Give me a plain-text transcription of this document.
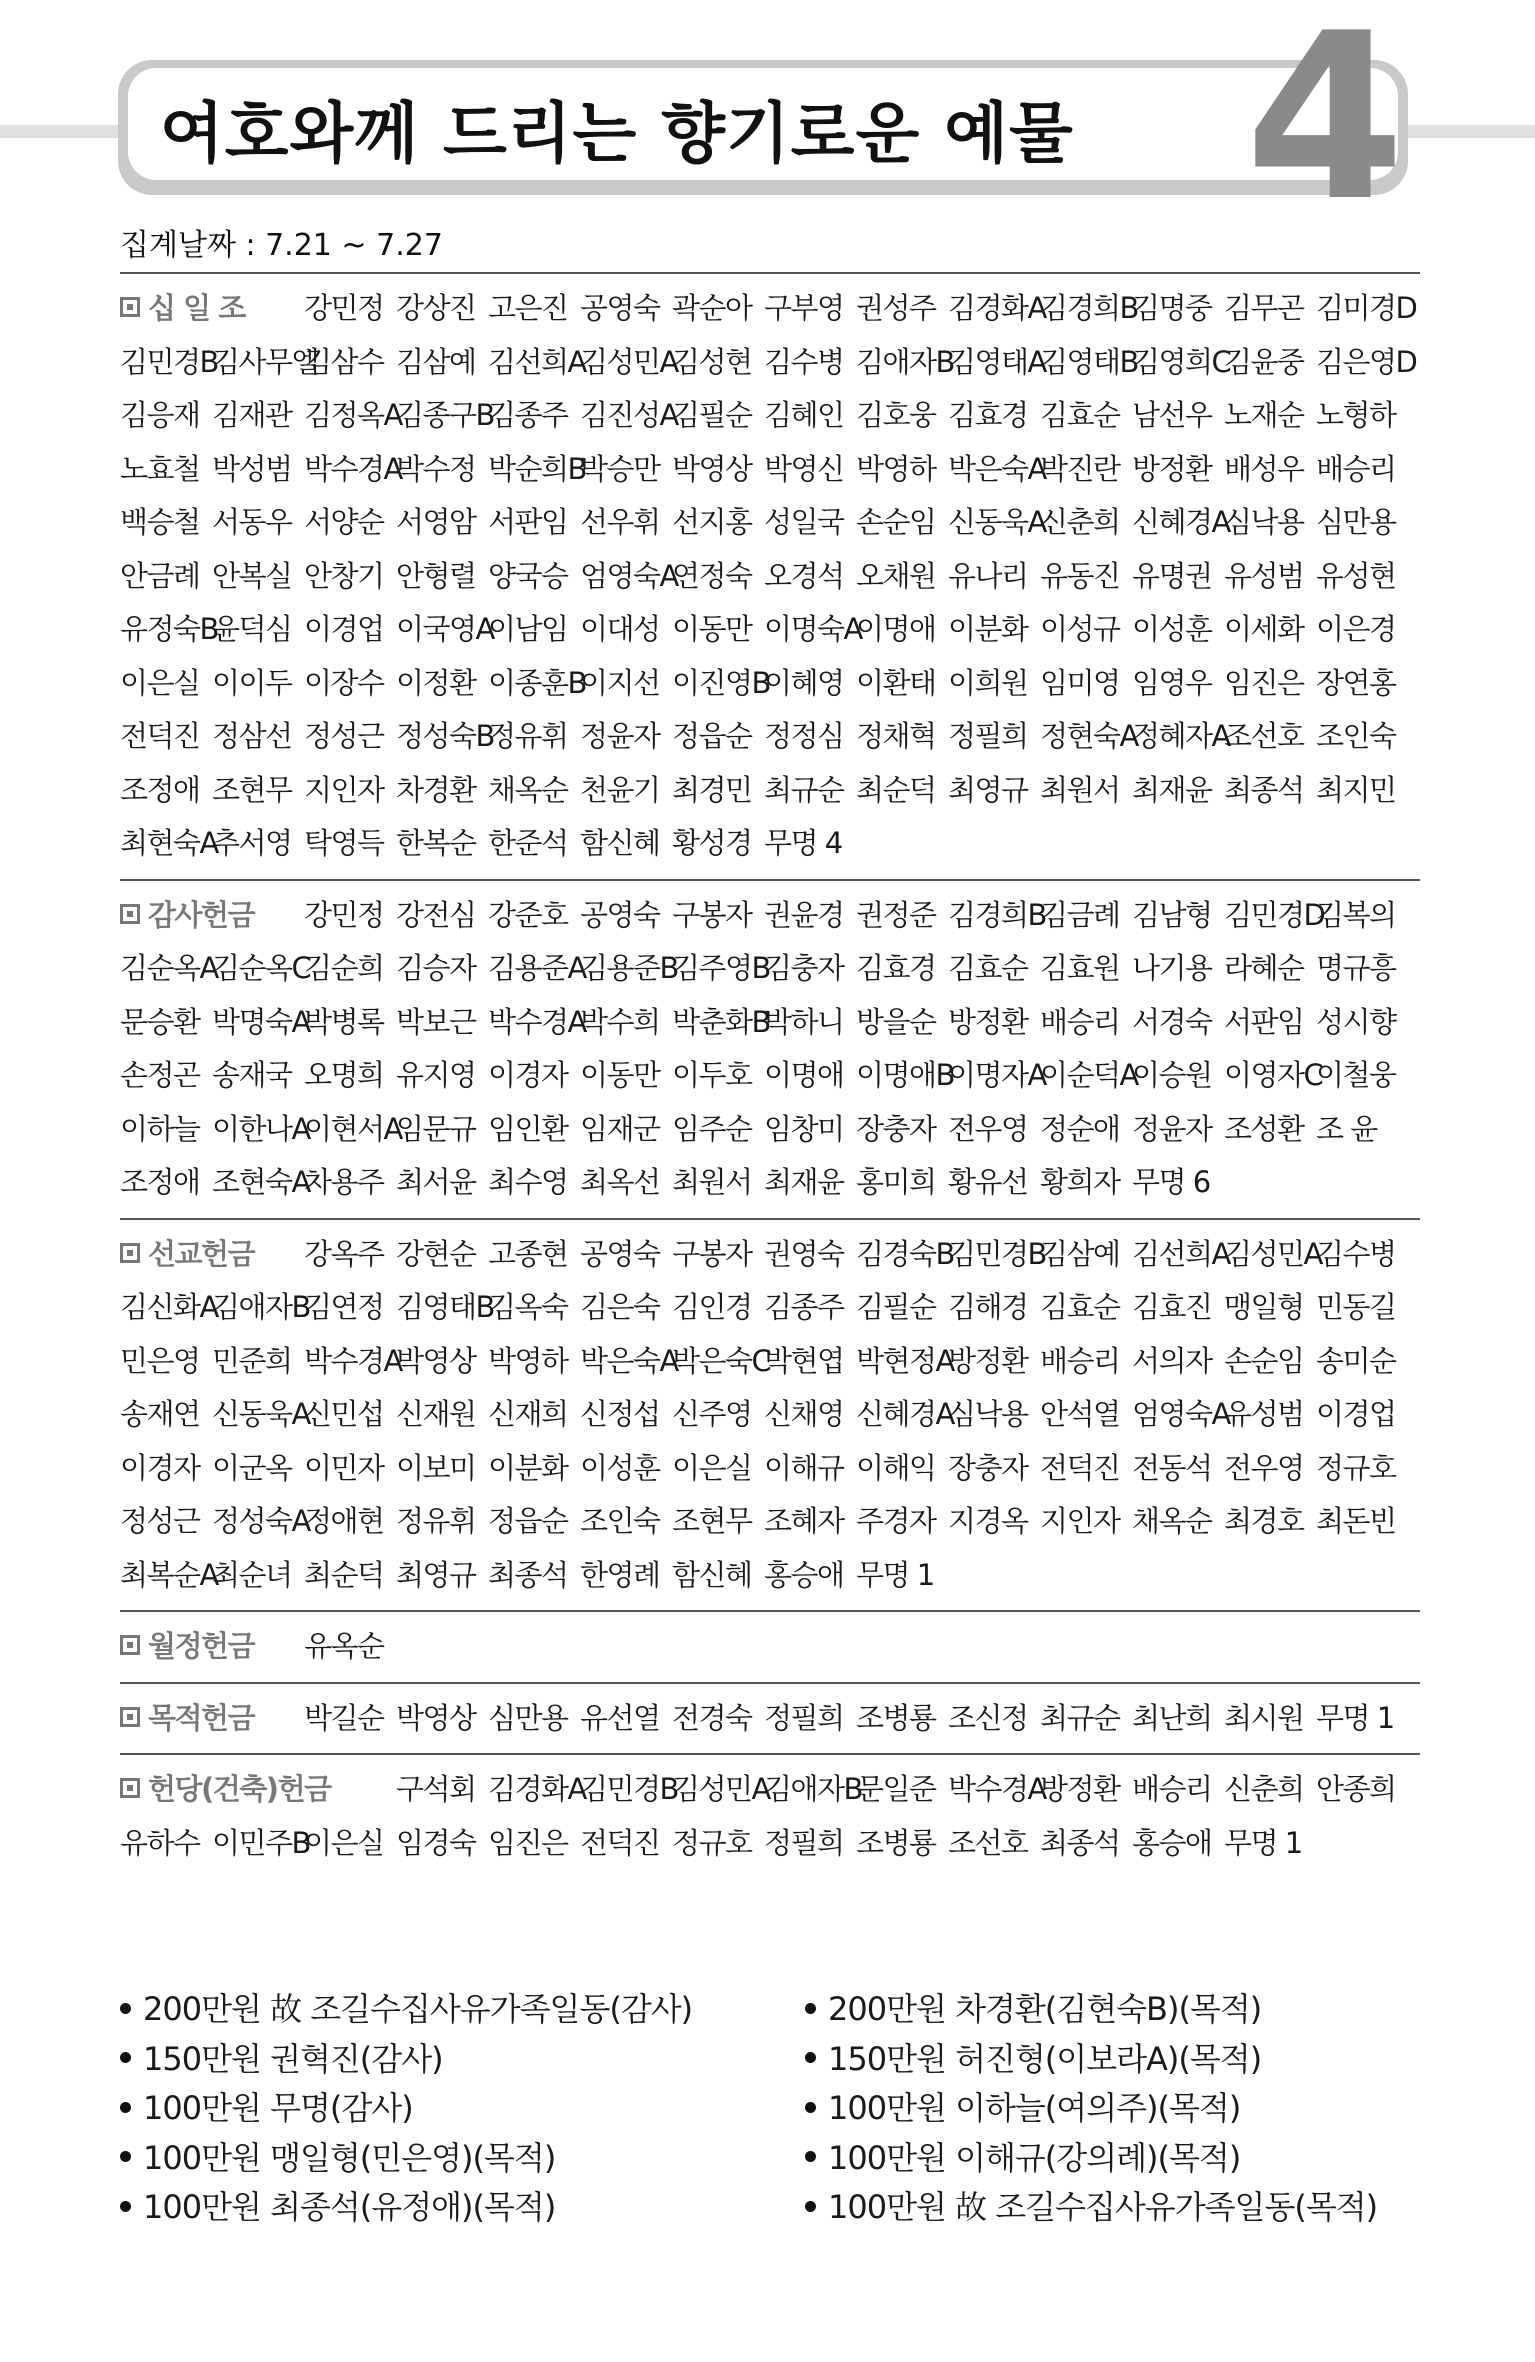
여호와께 드리는 향기로운 예물 4
집계날짜 : 7.21 ~ 7.27
십 일 조	강민정 강상진 고은진 공영숙 곽순아 구부영 권성주 김경화A
김경희B
김명중 김무곤 김미경D
김민경B
김사무엘
김삼수 김삼예 김선희A
김성민A
김성현 김수병 김애자B
김영태A
김영태B
김영희C
김윤중 김은영D
김응재 김재관 김정옥A
김종구B
김종주 김진성A
김필순 김혜인 김호웅 김효경 김효순 남선우 노재순 노형하
노효철 박성범 박수경A
박수정 박순희B
박승만 박영상 박영신 박영하 박은숙A
박진란 방정환 배성우 배승리
백승철 서동우 서양순 서영암 서판임 선우휘 선지홍 성일국 손순임 신동욱A
신춘희 신혜경A
심낙용 심만용
안금례 안복실 안창기 안형렬 양국승 엄영숙A
연정숙 오경석 오채원 유나리 유동진 유명권 유성범 유성현
유정숙B
윤덕심 이경업 이국영A
이남임 이대성 이동만 이명숙A
이명애 이분화 이성규 이성훈 이세화 이은경
이은실 이이두 이장수 이정환 이종훈B
이지선 이진영B
이혜영 이환태 이희원 임미영 임영우 임진은 장연홍
전덕진 정삼선 정성근 정성숙B
정유휘 정윤자 정읍순 정정심 정채혁 정필희 정현숙A
정혜자A
조선호 조인숙
조정애 조현무 지인자 차경환 채옥순 천윤기 최경민 최규순 최순덕 최영규 최원서 최재윤 최종석 최지민
최현숙A
추서영 탁영득 한복순 한준석 함신혜 황성경 무명 4
감사헌금	강민정 강전심 강준호 공영숙 구봉자 권윤경 권정준 김경희B
김금례 김남형 김민경D
김복의
김순옥A
김순옥C
김순희 김승자 김용준A
김용준B
김주영B
김충자 김효경 김효순 김효원 나기용 라혜순 명규흥
문승환 박명숙A
박병록 박보근 박수경A
박수희 박춘화B
박하니 방을순 방정환 배승리 서경숙 서판임 성시향
손정곤 송재국 오명희 유지영 이경자 이동만 이두호 이명애 이명애B
이명자A
이순덕A
이승원 이영자C
이철웅
이하늘 이한나A
이현서A
임문규 임인환 임재군 임주순 임창미 장충자 전우영 정순애 정윤자 조성환 조 윤
조정애 조현숙A
차용주 최서윤 최수영 최옥선 최원서 최재윤 홍미희 황유선 황희자 무명 6
선교헌금	강옥주 강현순 고종현 공영숙 구봉자 권영숙 김경숙B
김민경B
김삼예 김선희A
김성민A
김수병
김신화A
김애자B
김연정 김영태B
김옥숙 김은숙 김인경 김종주 김필순 김해경 김효순 김효진 맹일형 민동길
민은영 민준희 박수경A
박영상 박영하 박은숙A
박은숙C
박현엽 박현정A
방정환 배승리 서의자 손순임 송미순
송재연 신동욱A
신민섭 신재원 신재희 신정섭 신주영 신채영 신혜경A
심낙용 안석열 엄영숙A
유성범 이경업
이경자 이군옥 이민자 이보미 이분화 이성훈 이은실 이해규 이해익 장충자 전덕진 전동석 전우영 정규호
정성근 정성숙A
정애현 정유휘 정읍순 조인숙 조현무 조혜자 주경자 지경옥 지인자 채옥순 최경호 최돈빈
최복순A
최순녀 최순덕 최영규 최종석 한영례 함신혜 홍승애 무명 1
월정헌금	유옥순
목적헌금	박길순 박영상 심만용 유선열 전경숙 정필희 조병룡 조신정 최규순 최난희 최시원 무명 1
헌당(건축)헌금	구석회 김경화A
김민경B
김성민A
김애자B
문일준 박수경A
방정환 배승리 신춘희 안종희
유하수 이민주B
이은실 임경숙 임진은 전덕진 정규호 정필희 조병룡 조선호 최종석 홍승애 무명 1
200만원 故 조길수집사유가족일동(감사)
150만원 권혁진(감사)
100만원 무명(감사)
100만원 맹일형(민은영)(목적)
100만원 최종석(유정애)(목적)
200만원 차경환(김현숙B)(목적)
150만원 허진형(이보라A)(목적)
100만원 이하늘(여의주)(목적)
100만원 이해규(강의례)(목적)
100만원 故 조길수집사유가족일동(목적)
